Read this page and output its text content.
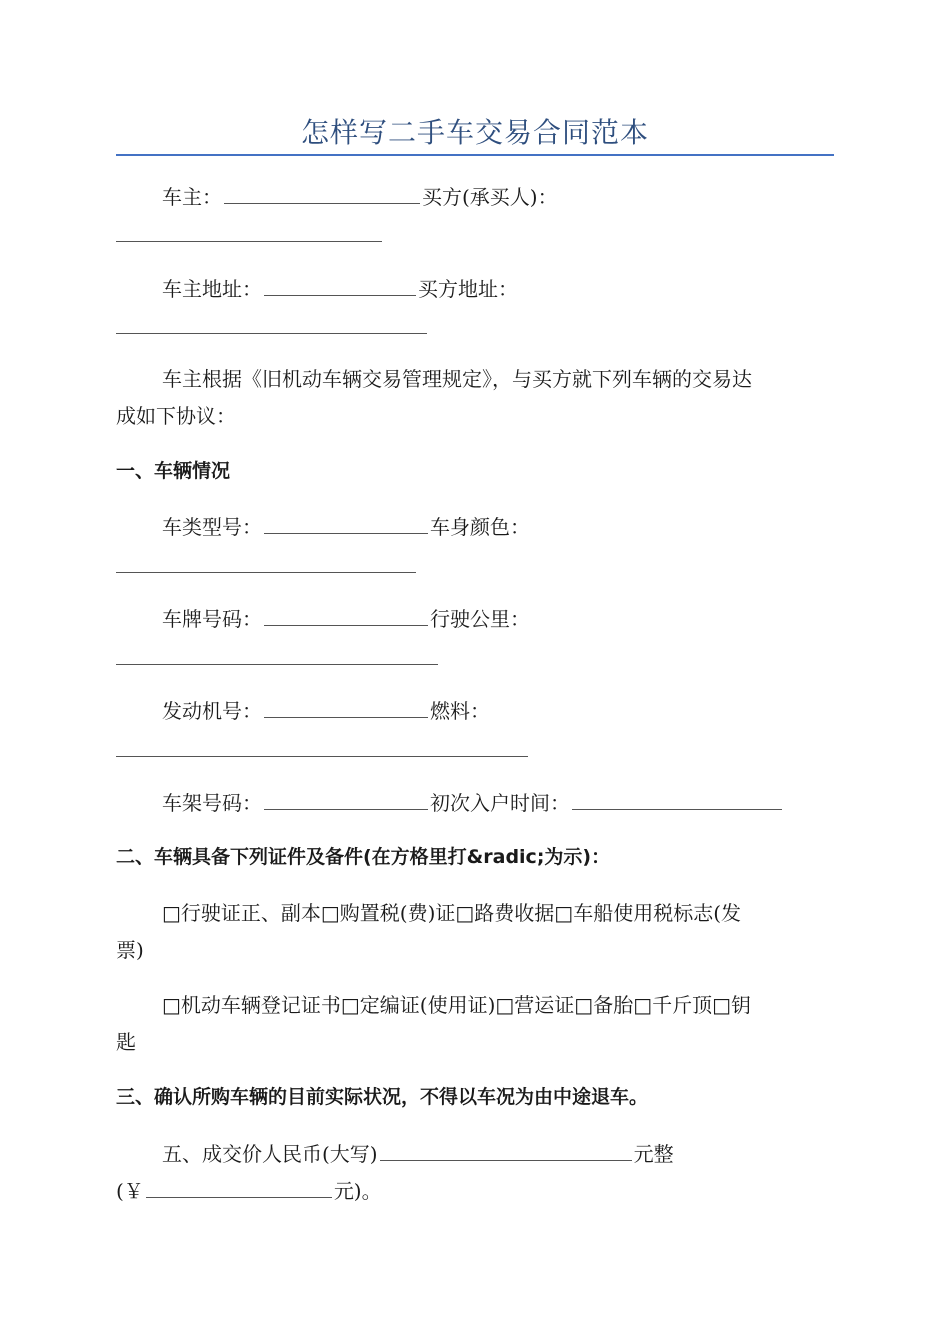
怎样写二手车交易合同范本
车主：	买方(承买人)：
车主地址：	买方地址：
车主根据《旧机动车辆交易管理规定》，与买方就下列车辆的交易达
成如下协议：
一、车辆情况
车类型号：	车身颜色：
车牌号码：	行驶公里：
发动机号：	燃料：
车架号码：	初次入户时间：
二、车辆具备下列证件及备件(在方格里打&radic;为示)：
□行驶证正、副本□购置税(费)证□路费收据□车船使用税标志(发
票)
□机动车辆登记证书□定编证(使用证)□营运证□备胎□千斤顶□钥
匙
三、确认所购车辆的目前实际状况，不得以车况为由中途退车。
五、成交价人民币(大写)	元整
(￥	元)。
